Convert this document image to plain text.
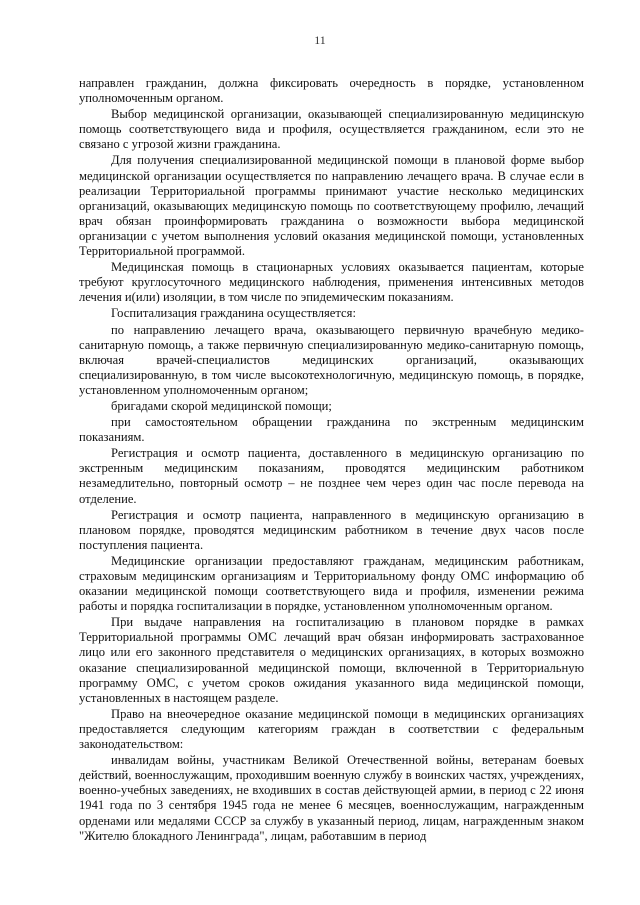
11

направлен гражданин, должна фиксировать очередность в порядке, установленном уполномоченным органом.

Выбор медицинской организации, оказывающей специализированную медицинскую помощь соответствующего вида и профиля, осуществляется гражданином, если это не связано с угрозой жизни гражданина.

Для получения специализированной медицинской помощи в плановой форме выбор медицинской организации осуществляется по направлению лечащего врача. В случае если в реализации Территориальной программы принимают участие несколько медицинских организаций, оказывающих медицинскую помощь по соответствующему профилю, лечащий врач обязан проинформировать гражданина о возможности выбора медицинской организации с учетом выполнения условий оказания медицинской помощи, установленных Территориальной программой.

Медицинская помощь в стационарных условиях оказывается пациентам, которые требуют круглосуточного медицинского наблюдения, применения интенсивных методов лечения и(или) изоляции, в том числе по эпидемическим показаниям.

Госпитализация гражданина осуществляется:

по направлению лечащего врача, оказывающего первичную врачебную медико-санитарную помощь, а также первичную специализированную медико-санитарную помощь, включая врачей-специалистов медицинских организаций, оказывающих специализированную, в том числе высокотехнологичную, медицинскую помощь, в порядке, установленном уполномоченным органом;

бригадами скорой медицинской помощи;

при самостоятельном обращении гражданина по экстренным медицинским показаниям.

Регистрация и осмотр пациента, доставленного в медицинскую организацию по экстренным медицинским показаниям, проводятся медицинским работником незамедлительно, повторный осмотр – не позднее чем через один час после перевода на отделение.

Регистрация и осмотр пациента, направленного в медицинскую организацию в плановом порядке, проводятся медицинским работником в течение двух часов после поступления пациента.

Медицинские организации предоставляют гражданам, медицинским работникам, страховым медицинским организациям и Территориальному фонду ОМС информацию об оказании медицинской помощи соответствующего вида и профиля, изменении режима работы и порядка госпитализации в порядке, установленном уполномоченным органом.

При выдаче направления на госпитализацию в плановом порядке в рамках Территориальной программы ОМС лечащий врач обязан информировать застрахованное лицо или его законного представителя о медицинских организациях, в которых возможно оказание специализированной медицинской помощи, включенной в Территориальную программу ОМС, с учетом сроков ожидания указанного вида медицинской помощи, установленных в настоящем разделе.

Право на внеочередное оказание медицинской помощи в медицинских организациях предоставляется следующим категориям граждан в соответствии с федеральным законодательством:

инвалидам войны, участникам Великой Отечественной войны, ветеранам боевых действий, военнослужащим, проходившим военную службу в воинских частях, учреждениях, военно-учебных заведениях, не входивших в состав действующей армии, в период с 22 июня 1941 года по 3 сентября 1945 года не менее 6 месяцев, военнослужащим, награжденным орденами или медалями СССР за службу в указанный период, лицам, награжденным знаком "Жителю блокадного Ленинграда", лицам, работавшим в период
